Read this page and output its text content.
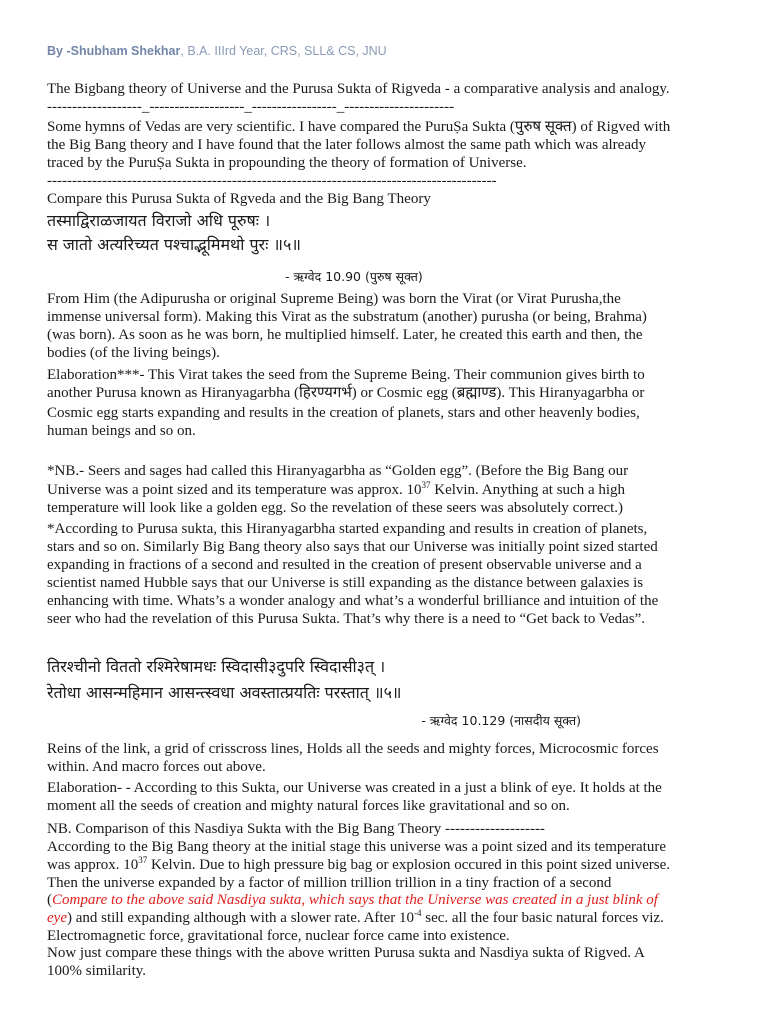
By -Shubham Shekhar, B.A. IIIrd Year, CRS, SLL& CS, JNU
The Bigbang theory of Universe and the Purusa Sukta of Rigveda - a comparative analysis and analogy.
-------------------_-------------------_-----------------_----------------------
Some hymns of Vedas are very scientific. I have compared the PuruṢa Sukta (पुरुष सूक्त) of Rigved with
the Big Bang theory and I have found that the later follows almost the same path which was already
traced by the PuruṢa Sukta in propounding the theory of formation of Universe.
------------------------------------------------------------------------------------------
Compare this Purusa Sukta of Rgveda and the Big Bang Theory
तस्माद्विराळजायत विराजो अधि पूरुषः ।
स जातो अत्यरिच्यत पश्चाद्भूमिमथो पुरः ॥५॥
- ऋग्वेद 10.90 (पुरुष सूक्त)
From Him (the Adipurusha or original Supreme Being) was born the Virat (or Virat Purusha,the
immense universal form). Making this Virat as the substratum (another) purusha (or being, Brahma)
(was born). As soon as he was born, he multiplied himself. Later, he created this earth and then, the
bodies (of the living beings).
Elaboration***- This Virat takes the seed from the Supreme Being. Their communion gives birth to
another Purusa known as Hiranyagarbha (हिरण्यगर्भ) or Cosmic egg (ब्रह्माण्ड). This Hiranyagarbha or
Cosmic egg starts expanding and results in the creation of planets, stars and other heavenly bodies,
human beings and so on.
*NB.- Seers and sages had called this Hiranyagarbha as “Golden egg”. (Before the Big Bang our
Universe was a point sized and its temperature was approx. $10^{37}$ Kelvin. Anything at such a high
temperature will look like a golden egg. So the revelation of these seers was absolutely correct.)
*According to Purusa sukta, this Hiranyagarbha started expanding and results in creation of planets,
stars and so on. Similarly Big Bang theory also says that our Universe was initially point sized started
expanding in fractions of a second and resulted in the creation of present observable universe and a
scientist named Hubble says that our Universe is still expanding as the distance between galaxies is
enhancing with time. Whats’s a wonder analogy and what’s a wonderful brilliance and intuition of the
seer who had the revelation of this Purusa Sukta. That’s why there is a need to “Get back to Vedas”.
तिरश्चीनो विततो रश्मिरेषामधः स्विदासी३दुपरि स्विदासी३त् ।
रेतोधा आसन्महिमान आसन्त्स्वधा अवस्तात्प्रयतिः परस्तात् ॥५॥
- ऋग्वेद 10.129 (नासदीय सूक्त)
Reins of the link, a grid of crisscross lines, Holds all the seeds and mighty forces, Microcosmic forces
within. And macro forces out above.
Elaboration- - According to this Sukta, our Universe was created in a just a blink of eye. It holds at the
moment all the seeds of creation and mighty natural forces like gravitational and so on.
NB. Comparison of this Nasdiya Sukta with the Big Bang Theory --------------------
According to the Big Bang theory at the initial stage this universe was a point sized and its temperature
was approx. $10^{37}$ Kelvin. Due to high pressure big bag or explosion occured in this point sized universe.
Then the universe expanded by a factor of million trillion trillion in a tiny fraction of a second
(Compare to the above said Nasdiya sukta, which says that the Universe was created in a just blink of
eye) and still expanding although with a slower rate. After $10^{-4}$ sec. all the four basic natural forces viz.
Electromagnetic force, gravitational force, nuclear force came into existence.
Now just compare these things with the above written Purusa sukta and Nasdiya sukta of Rigved. A
100% similarity.
